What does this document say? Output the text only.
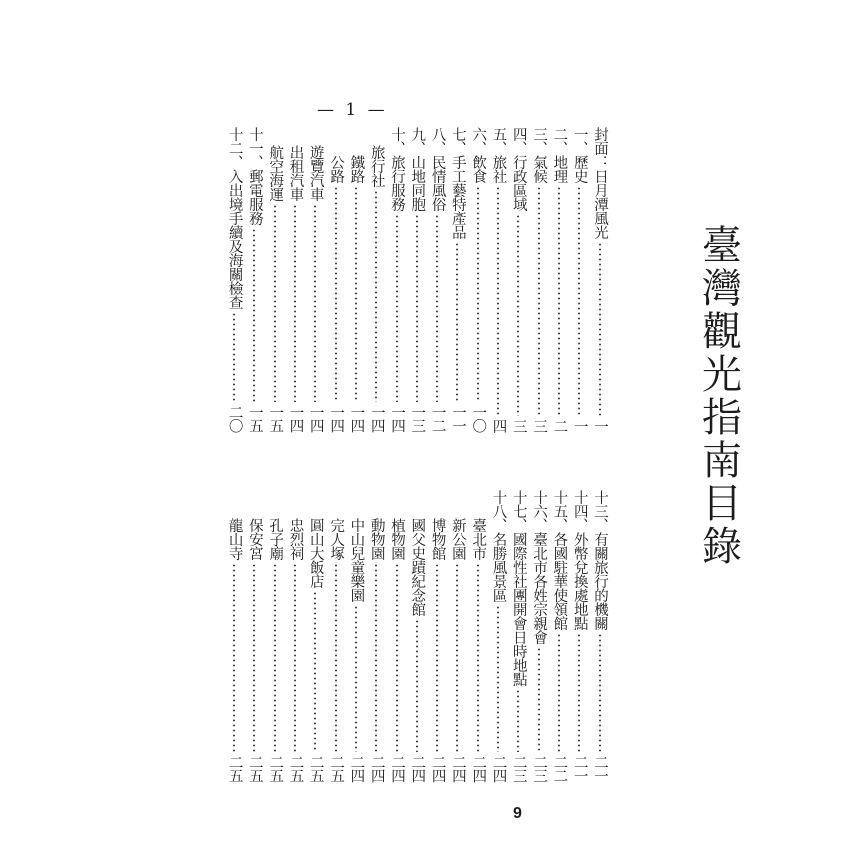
臺
灣
觀
光
指
南
目
錄
— 1 —
封面：日月潭風光
一
一、歷史
一
二、地理
二
三、氣候
三
四、行政區域
三
五、旅社
四
六、飲食
一〇
七、手工藝特產品
一一
八、民情風俗
一二
九、山地同胞
一三
十、旅行服務
一四
旅行社
一四
鐵路
一四
公路
一四
遊覽汽車
一四
出租汽車
一四
航空海運
一五
十一、郵電服務
一五
十二、入出境手續及海關檢查
二〇
十三、有關旅行的機關
二一
十四、外幣兌換處地點
二一
十五、各國駐華使領館
二二
十六、臺北市各姓宗親會
二三
十七、國際性社團開會日時地點
二三
十八、名勝風景區
二四
臺北市
二四
新公園
二四
博物館
二四
國父史蹟紀念館
二四
植物園
二四
動物園
二四
中山兒童樂園
二四
完人塚
二五
圓山大飯店
二五
忠烈祠
二五
孔子廟
二五
保安宮
二五
龍山寺
二五
9
